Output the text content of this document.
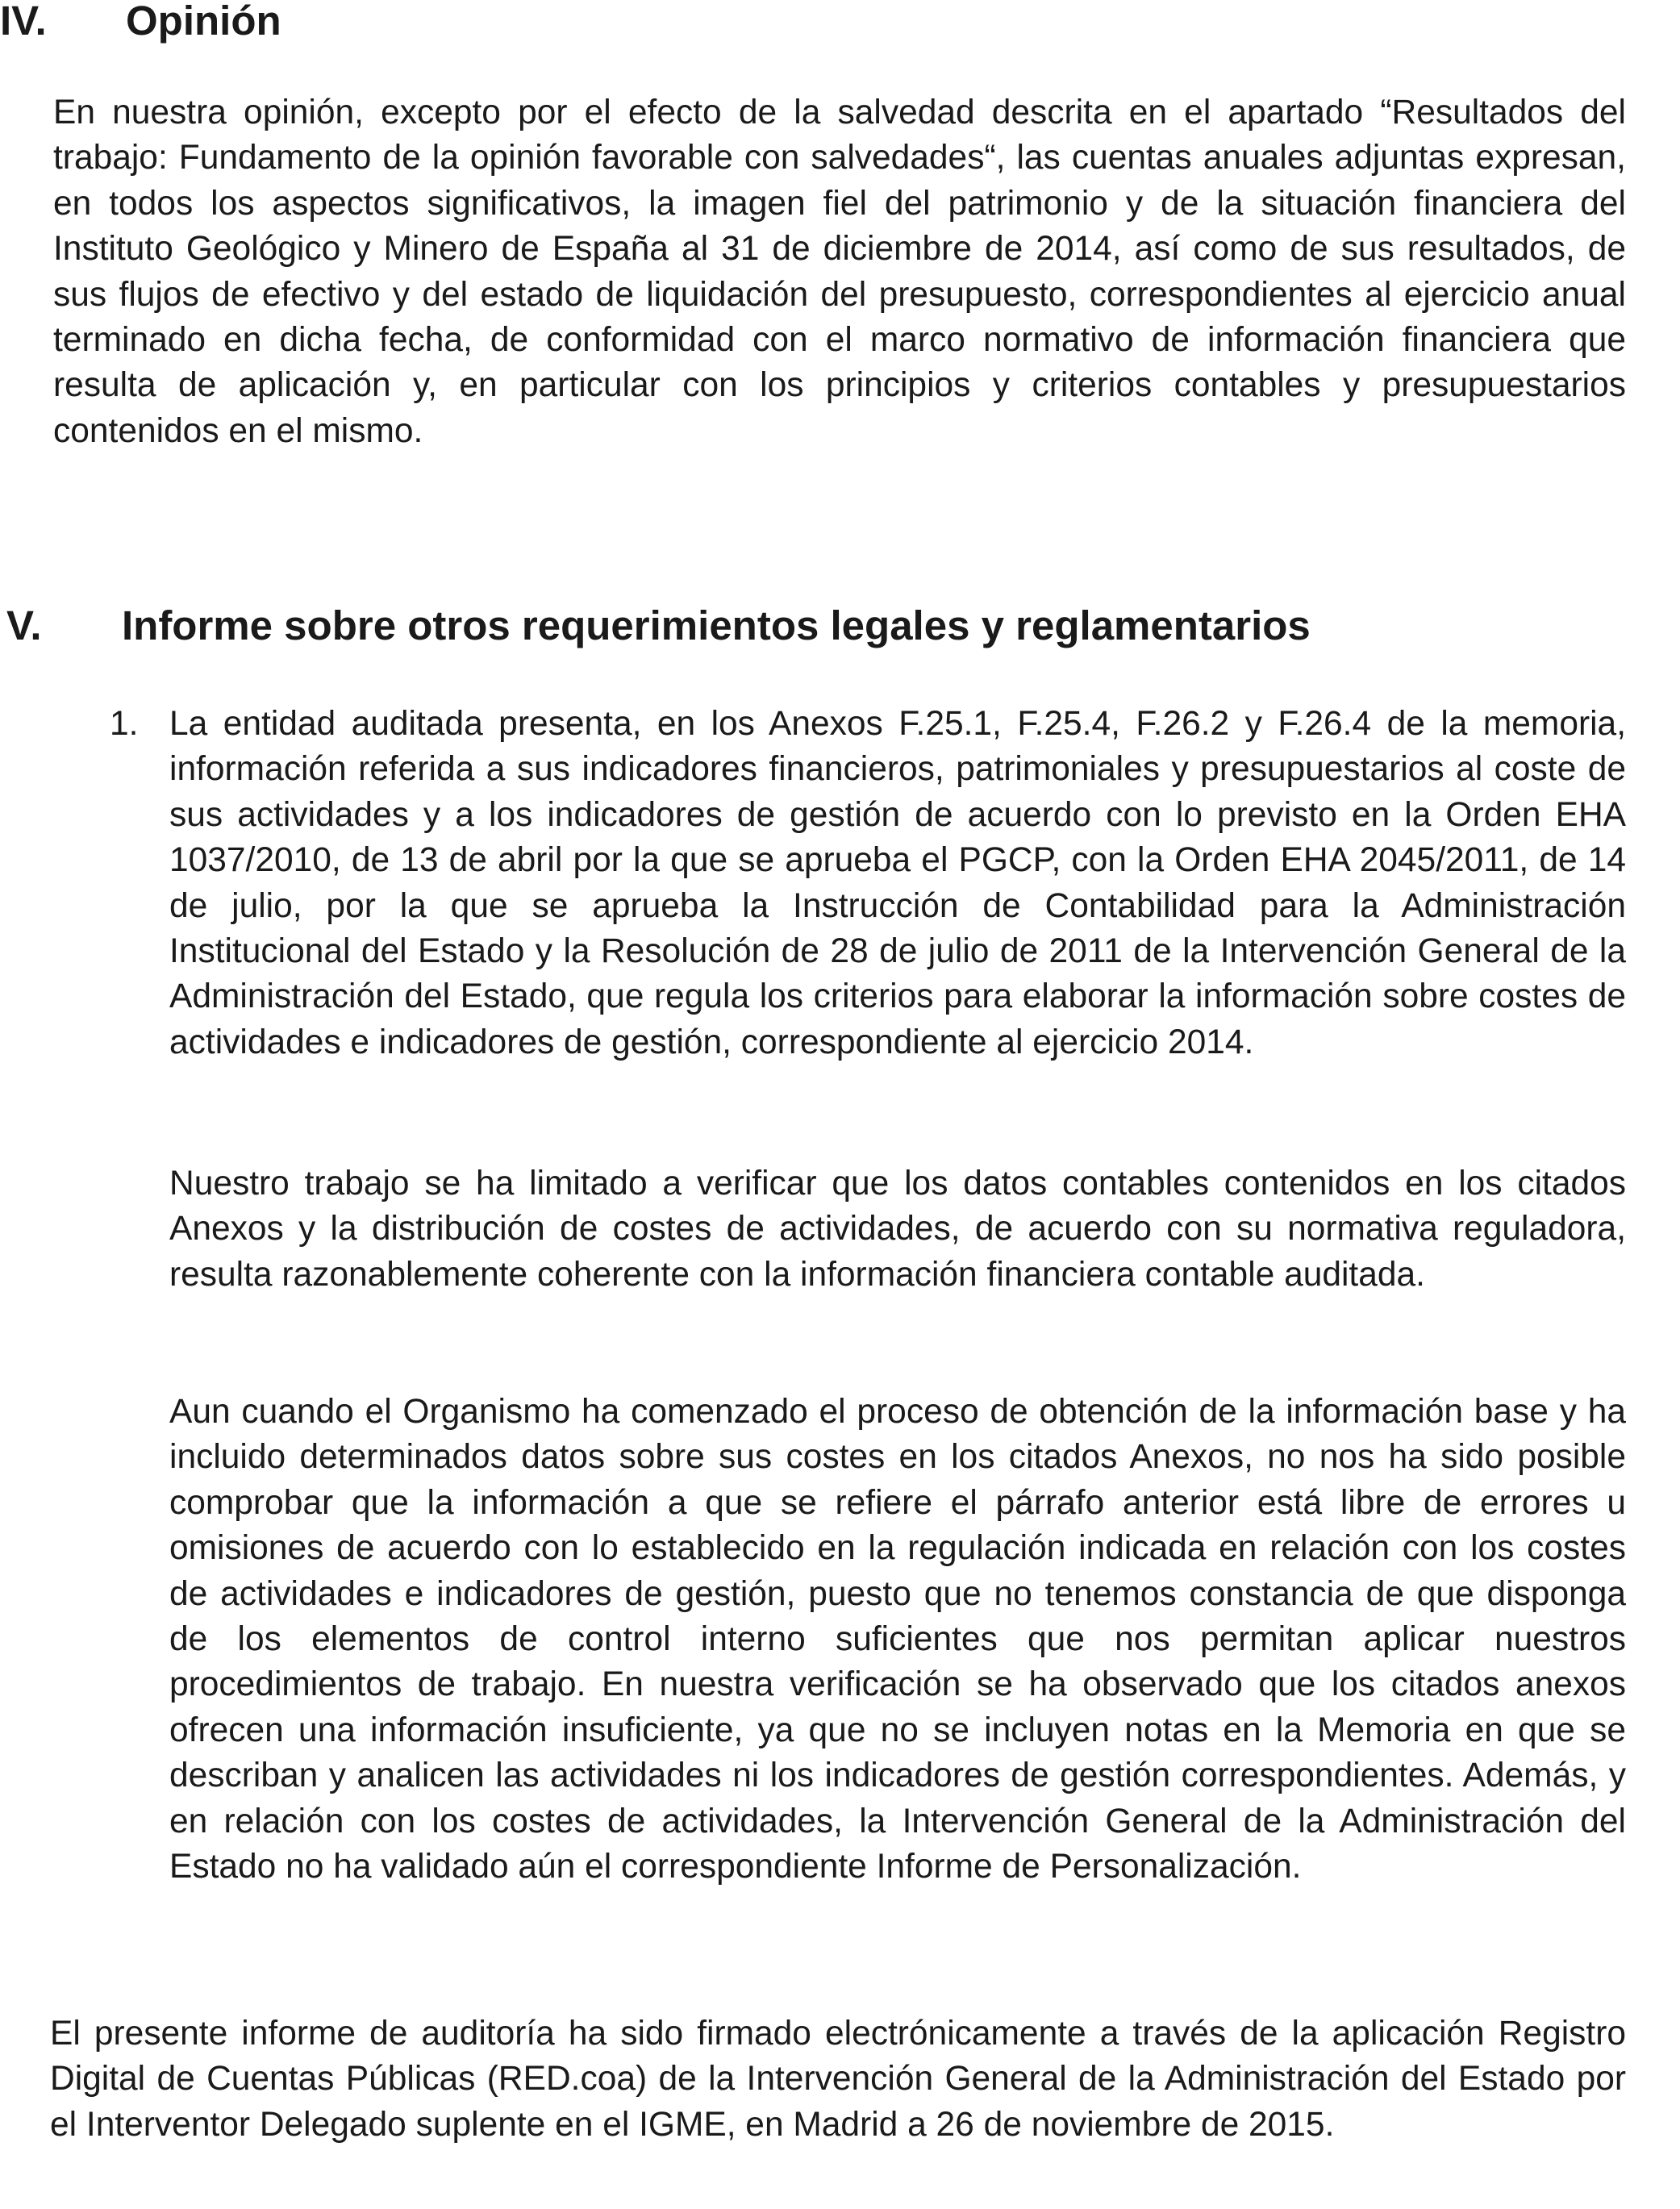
IV. Opinión

En nuestra opinión, excepto por el efecto de la salvedad descrita en el apartado “Resultados del trabajo: Fundamento de la opinión favorable con salvedades“, las cuentas anuales adjuntas expresan, en todos los aspectos significativos, la imagen fiel del patrimonio y de la situación financiera del Instituto Geológico y Minero de España al 31 de diciembre de 2014, así como de sus resultados, de sus flujos de efectivo y del estado de liquidación del presupuesto, correspondientes al ejercicio anual terminado en dicha fecha, de conformidad con el marco normativo de información financiera que resulta de aplicación y, en particular con los principios y criterios contables y presupuestarios contenidos en el mismo.

V. Informe sobre otros requerimientos legales y reglamentarios
1. La entidad auditada presenta, en los Anexos F.25.1, F.25.4, F.26.2 y F.26.4 de la memoria, información referida a sus indicadores financieros, patrimoniales y presupuestarios al coste de sus actividades y a los indicadores de gestión de acuerdo con lo previsto en la Orden EHA 1037/2010, de 13 de abril por la que se aprueba el PGCP, con la Orden EHA 2045/2011, de 14 de julio, por la que se aprueba la Instrucción de Contabilidad para la Administración Institucional del Estado y la Resolución de 28 de julio de 2011 de la Intervención General de la Administración del Estado, que regula los criterios para elaborar la información sobre costes de actividades e indicadores de gestión, correspondiente al ejercicio 2014.

Nuestro trabajo se ha limitado a verificar que los datos contables contenidos en los citados Anexos y la distribución de costes de actividades, de acuerdo con su normativa reguladora, resulta razonablemente coherente con la información financiera contable auditada.

Aun cuando el Organismo ha comenzado el proceso de obtención de la información base y ha incluido determinados datos sobre sus costes en los citados Anexos, no nos ha sido posible comprobar que la información a que se refiere el párrafo anterior está libre de errores u omisiones de acuerdo con lo establecido en la regulación indicada en relación con los costes de actividades e indicadores de gestión, puesto que no tenemos constancia de que disponga de los elementos de control interno suficientes que nos permitan aplicar nuestros procedimientos de trabajo. En nuestra verificación se ha observado que los citados anexos ofrecen una información insuficiente, ya que no se incluyen notas en la Memoria en que se describan y analicen las actividades ni los indicadores de gestión correspondientes. Además, y en relación con los costes de actividades, la Intervención General de la Administración del Estado no ha validado aún el correspondiente Informe de Personalización.

El presente informe de auditoría ha sido firmado electrónicamente a través de la aplicación Registro Digital de Cuentas Públicas (RED.coa) de la Intervención General de la Administración del Estado por el Interventor Delegado suplente en el IGME, en Madrid a 26 de noviembre de 2015.
